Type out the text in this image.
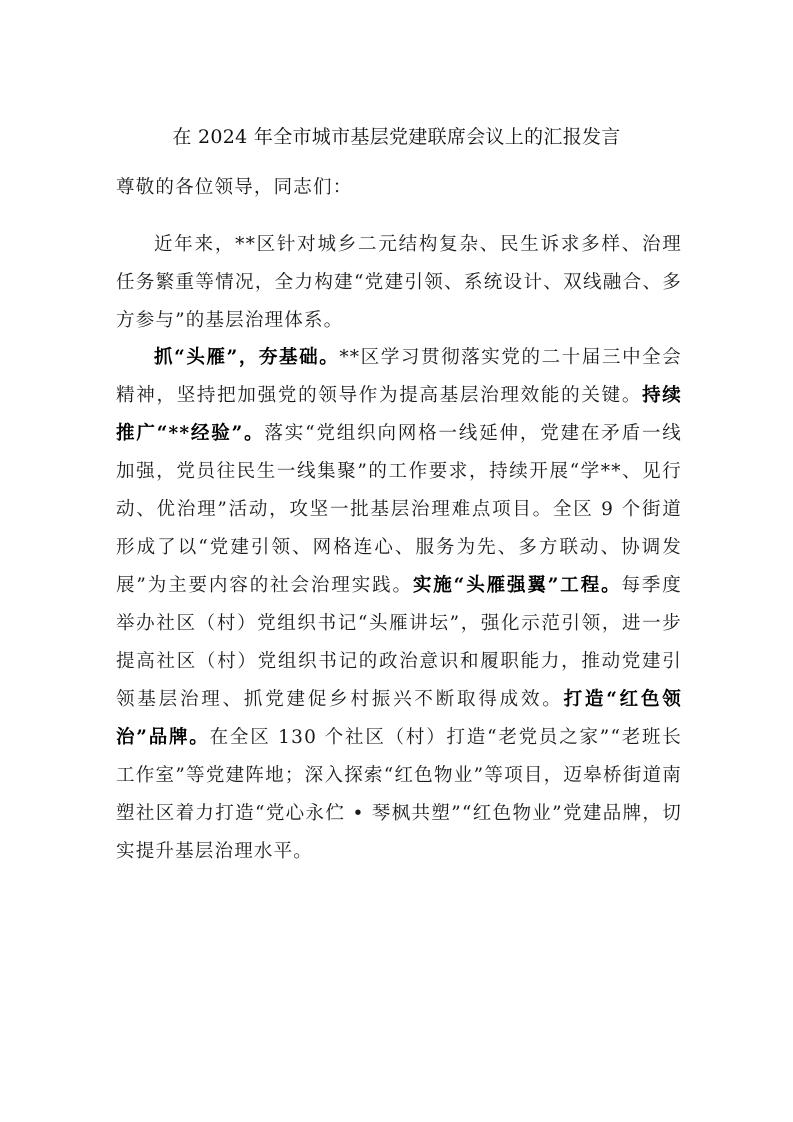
在 2024 年全市城市基层党建联席会议上的汇报发言
尊敬的各位领导，同志们：

近年来，**区针对城乡二元结构复杂、民生诉求多样、治理任务繁重等情况，全力构建“党建引领、系统设计、双线融合、多方参与”的基层治理体系。

抓“头雁”，夯基础。**区学习贯彻落实党的二十届三中全会精神，坚持把加强党的领导作为提高基层治理效能的关键。持续推广“**经验”。落实“党组织向网格一线延伸，党建在矛盾一线加强，党员往民生一线集聚”的工作要求，持续开展“学**、见行动、优治理”活动，攻坚一批基层治理难点项目。全区 9 个街道形成了以“党建引领、网格连心、服务为先、多方联动、协调发展”为主要内容的社会治理实践。实施“头雁强翼”工程。每季度举办社区（村）党组织书记“头雁讲坛”，强化示范引领，进一步提高社区（村）党组织书记的政治意识和履职能力，推动党建引领基层治理、抓党建促乡村振兴不断取得成效。打造“红色领治”品牌。在全区 130 个社区（村）打造“老党员之家”“老班长工作室”等党建阵地；深入探索“红色物业”等项目，迈皋桥街道南塑社区着力打造“党心永伫 • 琴枫共塑”“红色物业”党建品牌，切实提升基层治理水平。
